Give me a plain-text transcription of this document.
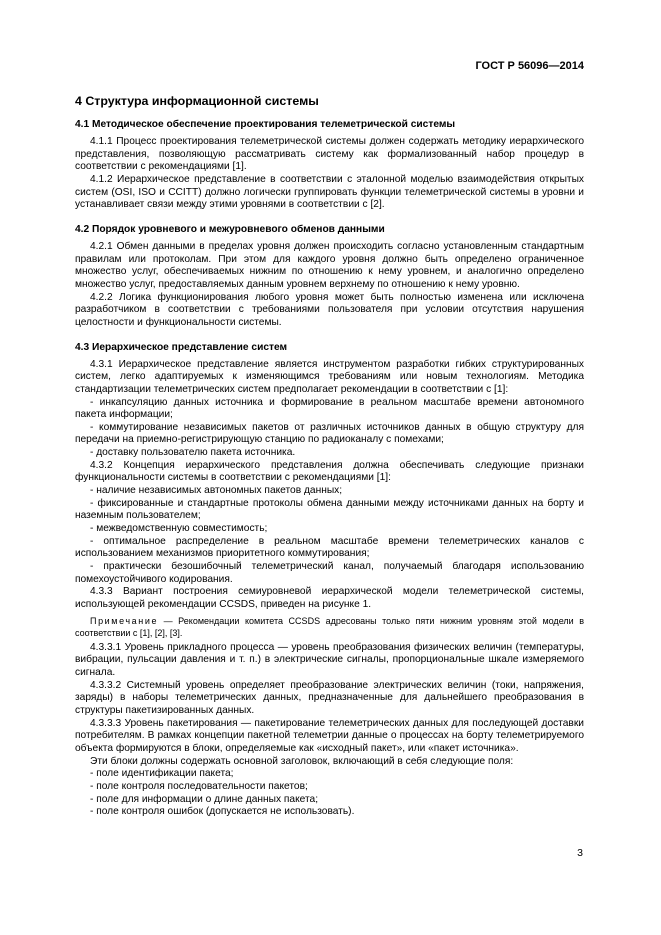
ГОСТ Р 56096—2014
4 Структура информационной системы
4.1 Методическое обеспечение проектирования телеметрической системы

4.1.1 Процесс проектирования телеметрической системы должен содержать методику иерархического представления, позволяющую рассматривать систему как формализованный набор процедур в соответствии с рекомендациями [1].

4.1.2 Иерархическое представление в соответствии с эталонной моделью взаимодействия открытых систем (OSI, ISO и CCITT) должно логически группировать функции телеметрической системы в уровни и устанавливает связи между этими уровнями в соответствии с [2].

4.2 Порядок уровневого и межуровневого обменов данными

4.2.1 Обмен данными в пределах уровня должен происходить согласно установленным стандартным правилам или протоколам. При этом для каждого уровня должно быть определено ограниченное множество услуг, обеспечиваемых нижним по отношению к нему уровнем, и аналогично определено множество услуг, предоставляемых данным уровнем верхнему по отношению к нему уровню.

4.2.2 Логика функционирования любого уровня может быть полностью изменена или исключена разработчиком в соответствии с требованиями пользователя при условии отсутствия нарушения целостности и функциональности системы.

4.3 Иерархическое представление систем

4.3.1 Иерархическое представление является инструментом разработки гибких структурированных систем, легко адаптируемых к изменяющимся требованиям или новым технологиям. Методика стандартизации телеметрических систем предполагает рекомендации в соответствии с [1]:

- инкапсуляцию данных источника и формирование в реальном масштабе времени автономного пакета информации;

- коммутирование независимых пакетов от различных источников данных в общую структуру для передачи на приемно-регистрирующую станцию по радиоканалу с помехами;

- доставку пользователю пакета источника.

4.3.2 Концепция иерархического представления должна обеспечивать следующие признаки функциональности системы в соответствии с рекомендациями [1]:

- наличие независимых автономных пакетов данных;

- фиксированные и стандартные протоколы обмена данными между источниками данных на борту и наземным пользователем;

- межведомственную совместимость;

- оптимальное распределение в реальном масштабе времени телеметрических каналов с использованием механизмов приоритетного коммутирования;

- практически безошибочный телеметрический канал, получаемый благодаря использованию помехоустойчивого кодирования.

4.3.3 Вариант построения семиуровневой иерархической модели телеметрической системы, использующей рекомендации CCSDS, приведен на рисунке 1.

Примечание — Рекомендации комитета CCSDS адресованы только пяти нижним уровням этой модели в соответствии с [1], [2], [3].

4.3.3.1 Уровень прикладного процесса — уровень преобразования физических величин (температуры, вибрации, пульсации давления и т. п.) в электрические сигналы, пропорциональные шкале измеряемого сигнала.

4.3.3.2 Системный уровень определяет преобразование электрических величин (токи, напряжения, заряды) в наборы телеметрических данных, предназначенные для дальнейшего преобразования в структуры пакетизированных данных.

4.3.3.3 Уровень пакетирования — пакетирование телеметрических данных для последующей доставки потребителям. В рамках концепции пакетной телеметрии данные о процессах на борту телеметрируемого объекта формируются в блоки, определяемые как «исходный пакет», или «пакет источника».

Эти блоки должны содержать основной заголовок, включающий в себя следующие поля:

- поле идентификации пакета;

- поле контроля последовательности пакетов;

- поле для информации о длине данных пакета;

- поле контроля ошибок (допускается не использовать).

3
